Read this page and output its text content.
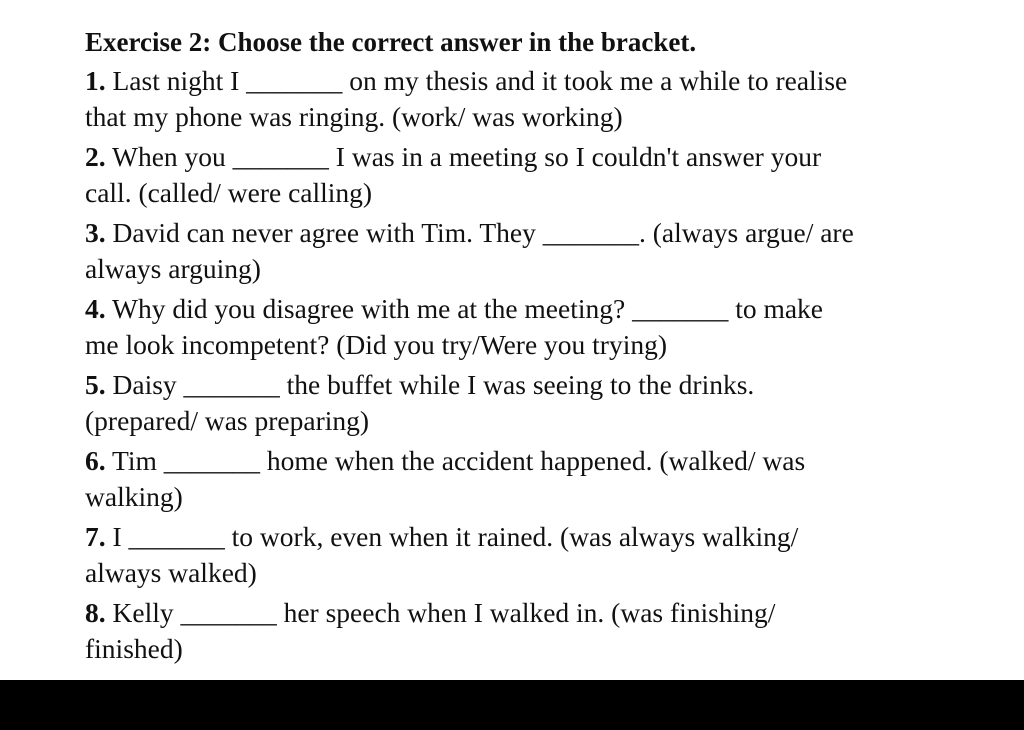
Exercise 2: Choose the correct answer in the bracket.
1. Last night I _______ on my thesis and it took me a while to realise
that my phone was ringing. (work/ was working)
2. When you _______ I was in a meeting so I couldn't answer your
call. (called/ were calling)
3. David can never agree with Tim. They _______. (always argue/ are
always arguing)
4. Why did you disagree with me at the meeting? _______ to make
me look incompetent? (Did you try/Were you trying)
5. Daisy _______ the buffet while I was seeing to the drinks.
(prepared/ was preparing)
6. Tim _______ home when the accident happened. (walked/ was
walking)
7. I _______ to work, even when it rained. (was always walking/
always walked)
8. Kelly _______ her speech when I walked in. (was finishing/
finished)
